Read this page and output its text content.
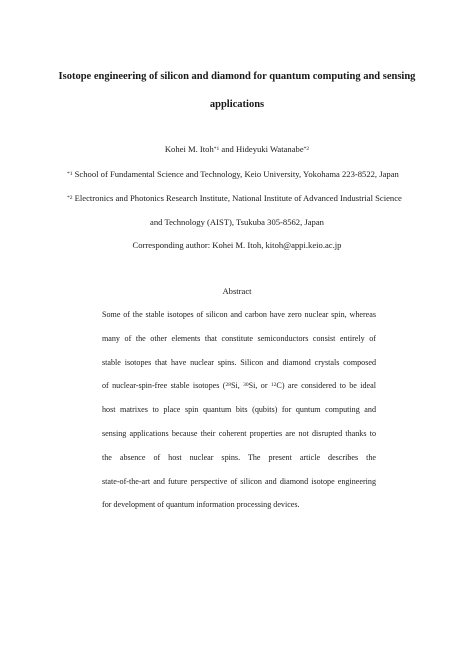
Isotope engineering of silicon and diamond for quantum computing and sensing
applications
Kohei M. Itoh$^{*1}$ and Hideyuki Watanabe$^{*2}$
$^{*1}$ School of Fundamental Science and Technology, Keio University, Yokohama 223-8522, Japan
$^{*2}$ Electronics and Photonics Research Institute, National Institute of Advanced Industrial Science
and Technology (AIST), Tsukuba 305-8562, Japan
Corresponding author: Kohei M. Itoh, kitoh@appi.keio.ac.jp
Abstract
Some of the stable isotopes of silicon and carbon have zero nuclear spin, whereas
many of the other elements that constitute semiconductors consist entirely of
stable isotopes that have nuclear spins. Silicon and diamond crystals composed
of nuclear-spin-free stable isotopes ($^{28}$Si, $^{30}$Si, or $^{12}$C) are considered to be ideal
host matrixes to place spin quantum bits (qubits) for quntum computing and
sensing applications because their coherent properties are not disrupted thanks to
the absence of host nuclear spins. The present article describes the
state-of-the-art and future perspective of silicon and diamond isotope engineering
for development of quantum information processing devices.
